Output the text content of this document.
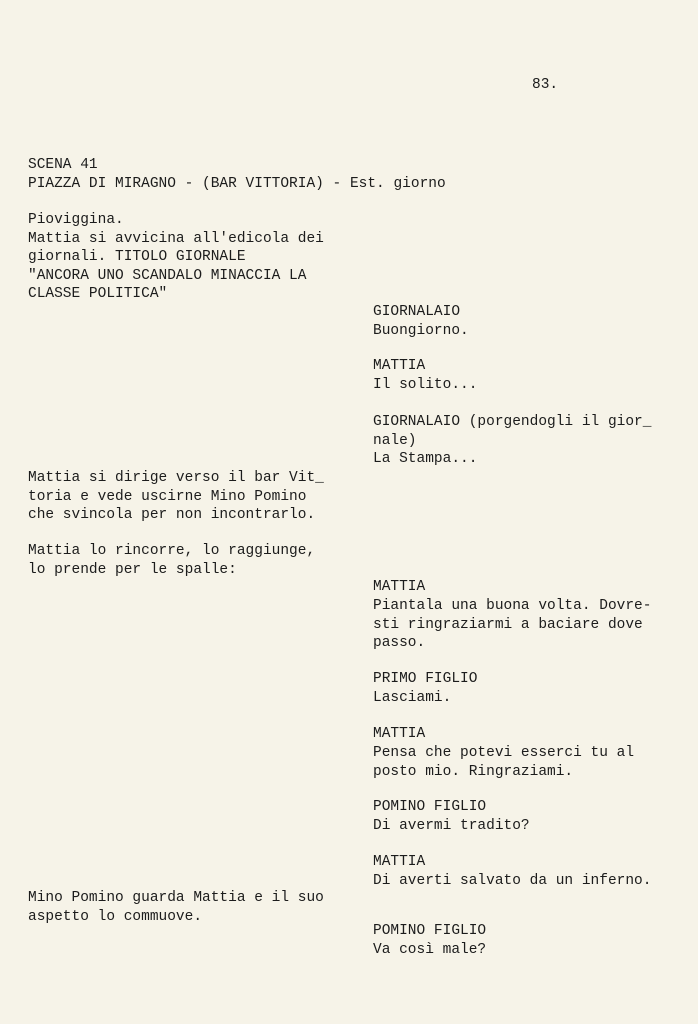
83.
SCENA 41
PIAZZA DI MIRAGNO - (BAR VITTORIA) - Est. giorno
Pioviggina.
Mattia si avvicina all'edicola dei
giornali. TITOLO GIORNALE
"ANCORA UNO SCANDALO MINACCIA LA
CLASSE POLITICA"
Mattia si dirige verso il bar Vit_
toria e vede uscirne Mino Pomino
che svincola per non incontrarlo.
Mattia lo rincorre, lo raggiunge,
lo prende per le spalle:
Mino Pomino guarda Mattia e il suo
aspetto lo commuove.
GIORNALAIO
Buongiorno.
MATTIA
Il solito...
GIORNALAIO (porgendogli il gior_
nale)
La Stampa...
MATTIA
Piantala una buona volta. Dovre-
sti ringraziarmi a baciare dove
passo.
PRIMO FIGLIO
Lasciami.
MATTIA
Pensa che potevi esserci tu al
posto mio. Ringraziami.
POMINO FIGLIO
Di avermi tradito?
MATTIA
Di averti salvato da un inferno.
POMINO FIGLIO
Va così male?
